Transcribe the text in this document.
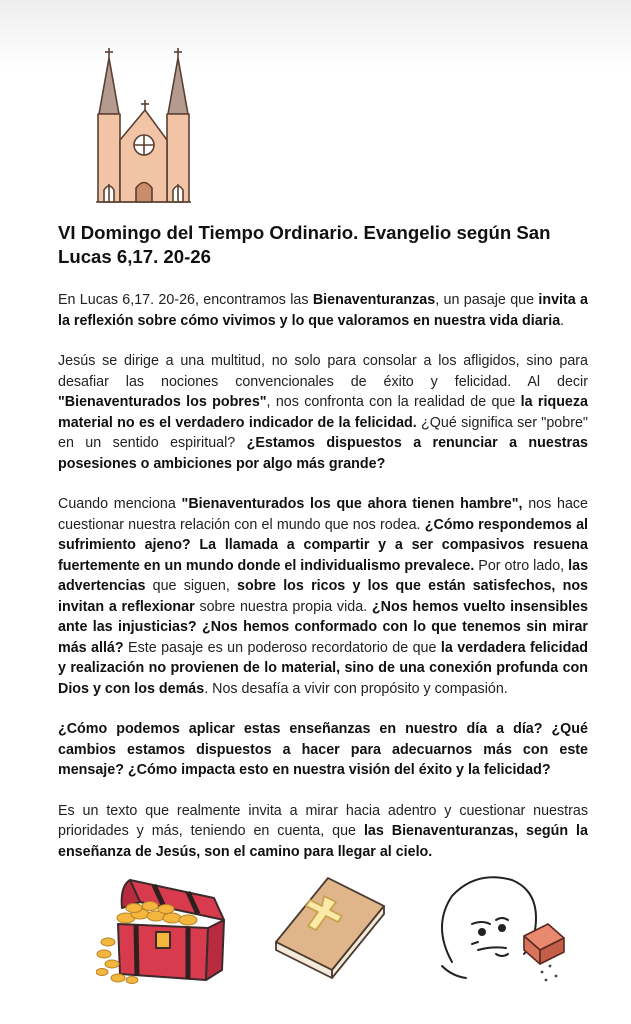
VI Domingo del Tiempo Ordinario. Evangelio según San Lucas 6,17. 20-26

En Lucas 6,17. 20-26, encontramos las Bienaventuranzas, un pasaje que invita a la reflexión sobre cómo vivimos y lo que valoramos en nuestra vida diaria.

Jesús se dirige a una multitud, no solo para consolar a los afligidos, sino para desafiar las nociones convencionales de éxito y felicidad. Al decir "Bienaventurados los pobres", nos confronta con la realidad de que la riqueza material no es el verdadero indicador de la felicidad. ¿Qué significa ser "pobre" en un sentido espiritual? ¿Estamos dispuestos a renunciar a nuestras posesiones o ambiciones por algo más grande?

Cuando menciona "Bienaventurados los que ahora tienen hambre", nos hace cuestionar nuestra relación con el mundo que nos rodea. ¿Cómo respondemos al sufrimiento ajeno? La llamada a compartir y a ser compasivos resuena fuertemente en un mundo donde el individualismo prevalece. Por otro lado, las advertencias que siguen, sobre los ricos y los que están satisfechos, nos invitan a reflexionar sobre nuestra propia vida. ¿Nos hemos vuelto insensibles ante las injusticias? ¿Nos hemos conformado con lo que tenemos sin mirar más allá? Este pasaje es un poderoso recordatorio de que la verdadera felicidad y realización no provienen de lo material, sino de una conexión profunda con Dios y con los demás. Nos desafía a vivir con propósito y compasión.

¿Cómo podemos aplicar estas enseñanzas en nuestro día a día? ¿Qué cambios estamos dispuestos a hacer para adecuarnos más con este mensaje? ¿Cómo impacta esto en nuestra visión del éxito y la felicidad?

Es un texto que realmente invita a mirar hacia adentro y cuestionar nuestras prioridades y más, teniendo en cuenta, que las Bienaventuranzas, según la enseñanza de Jesús, son el camino para llegar al cielo.
